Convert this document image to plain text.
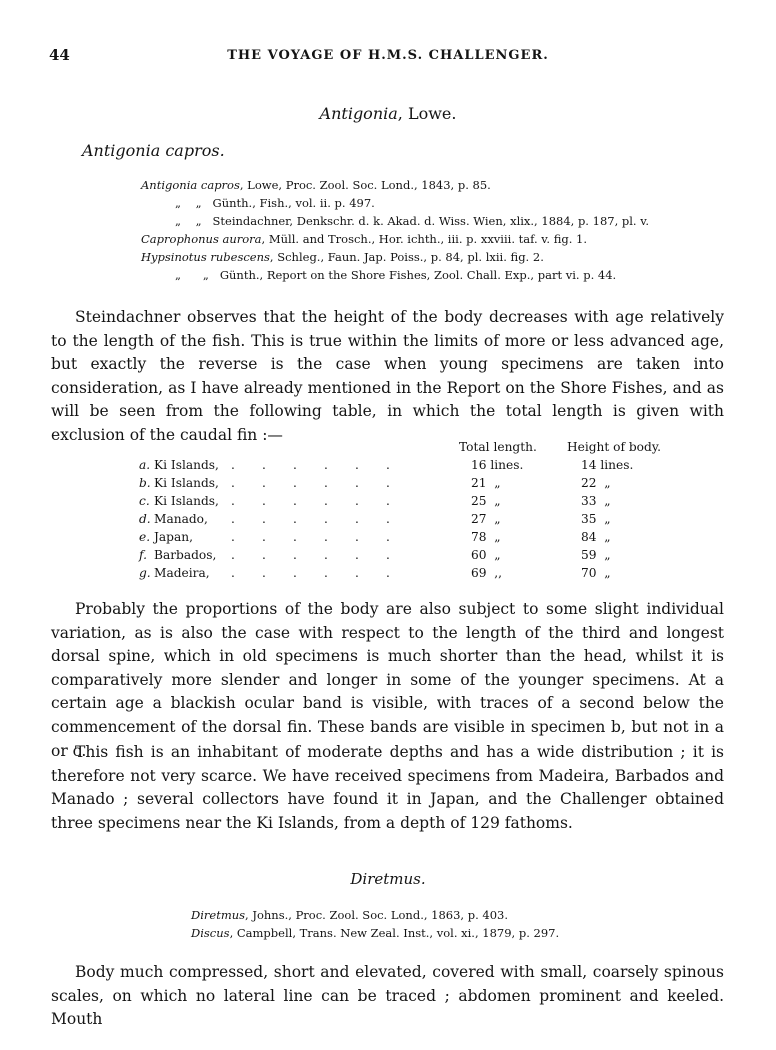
44	THE VOYAGE OF H.M.S. CHALLENGER.
Antigonia, Lowe.
Antigonia capros.
Antigonia capros, Lowe, Proc. Zool. Soc. Lond., 1843, p. 85.
„    „ Günth., Fish., vol. ii. p. 497.
„    „ Steindachner, Denkschr. d. k. Akad. d. Wiss. Wien, xlix., 1884, p. 187, pl. v.
Caprophonus aurora, Müll. and Trosch., Hor. ichth., iii. p. xxviii. taf. v. fig. 1.
Hypsinotus rubescens, Schleg., Faun. Jap. Poiss., p. 84, pl. lxii. fig. 2.
„      „ Günth., Report on the Shore Fishes, Zool. Chall. Exp., part vi. p. 44.
Steindachner observes that the height of the body decreases with age relatively to the length of the fish. This is true within the limits of more or less advanced age, but exactly the reverse is the case when young specimens are taken into consideration, as I have already mentioned in the Report on the Shore Fishes, and as will be seen from the following table, in which the total length is given with exclusion of the caudal fin :—
Total length. Height of body.
a. Ki Islands, .       .       .       .       .       .	16 lines.	14 lines.
b. Ki Islands, .       .       .       .       .       .	21  „	22  „
c. Ki Islands, .       .       .       .       .       .	25  „	33  „
d. Manado, .       .       .       .       .       .	27  „	35  „
e. Japan,	.       .       .       .       .       .	78  „	84  „
f. Barbados, .       .       .       .       .       .	60  „	59  „
g. Madeira, .       .       .       .       .       .	69  ,,	70  „
Probably the proportions of the body are also subject to some slight individual variation, as is also the case with respect to the length of the third and longest dorsal spine, which in old specimens is much shorter than the head, whilst it is comparatively more slender and longer in some of the younger specimens. At a certain age a blackish ocular band is visible, with traces of a second below the commencement of the dorsal fin. These bands are visible in specimen b, but not in a or c.
This fish is an inhabitant of moderate depths and has a wide distribution ; it is therefore not very scarce. We have received specimens from Madeira, Barbados and Manado ; several collectors have found it in Japan, and the Challenger obtained three specimens near the Ki Islands, from a depth of 129 fathoms.
Diretmus.
Diretmus, Johns., Proc. Zool. Soc. Lond., 1863, p. 403.
Discus, Campbell, Trans. New Zeal. Inst., vol. xi., 1879, p. 297.
Body much compressed, short and elevated, covered with small, coarsely spinous scales, on which no lateral line can be traced ; abdomen prominent and keeled. Mouth
